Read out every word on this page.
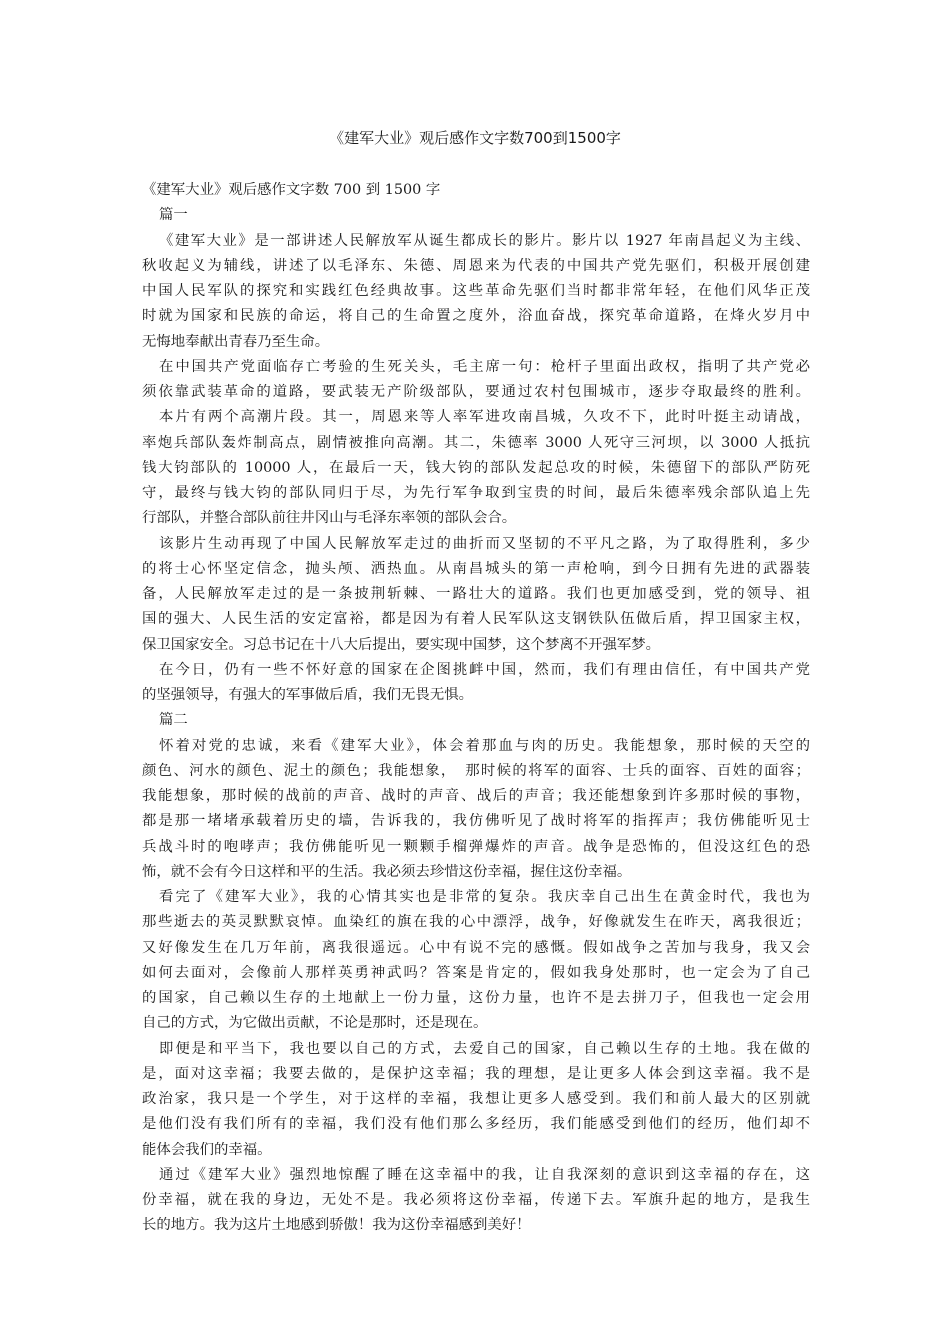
《建军大业》观后感作文字数700到1500字
《建军大业》观后感作文字数 700 到 1500 字
篇一
《建军大业》是一部讲述人民解放军从诞生都成长的影片。影片以 1927 年南昌起义为主线、
秋收起义为辅线，讲述了以毛泽东、朱德、周恩来为代表的中国共产党先驱们，积极开展创建
中国人民军队的探究和实践红色经典故事。这些革命先驱们当时都非常年轻，在他们风华正茂
时就为国家和民族的命运，将自己的生命置之度外，浴血奋战，探究革命道路，在烽火岁月中
无悔地奉献出青春乃至生命。
在中国共产党面临存亡考验的生死关头，毛主席一句：枪杆子里面出政权，指明了共产党必
须依靠武装革命的道路，要武装无产阶级部队，要通过农村包围城市，逐步夺取最终的胜利。
本片有两个高潮片段。其一，周恩来等人率军进攻南昌城，久攻不下，此时叶挺主动请战，
率炮兵部队轰炸制高点，剧情被推向高潮。其二，朱德率 3000 人死守三河坝，以 3000 人抵抗
钱大钧部队的 10000 人，在最后一天，钱大钧的部队发起总攻的时候，朱德留下的部队严防死
守，最终与钱大钧的部队同归于尽，为先行军争取到宝贵的时间，最后朱德率残余部队追上先
行部队，并整合部队前往井冈山与毛泽东率领的部队会合。
该影片生动再现了中国人民解放军走过的曲折而又坚韧的不平凡之路，为了取得胜利，多少
的将士心怀坚定信念，抛头颅、洒热血。从南昌城头的第一声枪响，到今日拥有先进的武器装
备，人民解放军走过的是一条披荆斩棘、一路壮大的道路。我们也更加感受到，党的领导、祖
国的强大、人民生活的安定富裕，都是因为有着人民军队这支钢铁队伍做后盾，捍卫国家主权，
保卫国家安全。习总书记在十八大后提出，要实现中国梦，这个梦离不开强军梦。
在今日，仍有一些不怀好意的国家在企图挑衅中国，然而，我们有理由信任，有中国共产党
的坚强领导，有强大的军事做后盾，我们无畏无惧。
篇二
怀着对党的忠诚，来看《建军大业》，体会着那血与肉的历史。我能想象，那时候的天空的
颜色、河水的颜色、泥土的颜色；我能想象，　那时候的将军的面容、士兵的面容、百姓的面容；
我能想象，那时候的战前的声音、战时的声音、战后的声音；我还能想象到许多那时候的事物，
都是那一堵堵承载着历史的墙，告诉我的，我仿佛听见了战时将军的指挥声；我仿佛能听见士
兵战斗时的咆哮声；我仿佛能听见一颗颗手榴弹爆炸的声音。战争是恐怖的，但没这红色的恐
怖，就不会有今日这样和平的生活。我必须去珍惜这份幸福，握住这份幸福。
看完了《建军大业》，我的心情其实也是非常的复杂。我庆幸自己出生在黄金时代，我也为
那些逝去的英灵默默哀悼。血染红的旗在我的心中漂浮，战争，好像就发生在昨天，离我很近；
又好像发生在几万年前，离我很遥远。心中有说不完的感慨。假如战争之苦加与我身，我又会
如何去面对，会像前人那样英勇神武吗？答案是肯定的，假如我身处那时，也一定会为了自己
的国家，自己赖以生存的土地献上一份力量，这份力量，也许不是去拼刀子，但我也一定会用
自己的方式，为它做出贡献，不论是那时，还是现在。
即便是和平当下，我也要以自己的方式，去爱自己的国家，自己赖以生存的土地。我在做的
是，面对这幸福；我要去做的，是保护这幸福；我的理想，是让更多人体会到这幸福。我不是
政治家，我只是一个学生，对于这样的幸福，我想让更多人感受到。我们和前人最大的区别就
是他们没有我们所有的幸福，我们没有他们那么多经历，我们能感受到他们的经历，他们却不
能体会我们的幸福。
通过《建军大业》强烈地惊醒了睡在这幸福中的我，让自我深刻的意识到这幸福的存在，这
份幸福，就在我的身边，无处不是。我必须将这份幸福，传递下去。军旗升起的地方，是我生
长的地方。我为这片土地感到骄傲！我为这份幸福感到美好！
